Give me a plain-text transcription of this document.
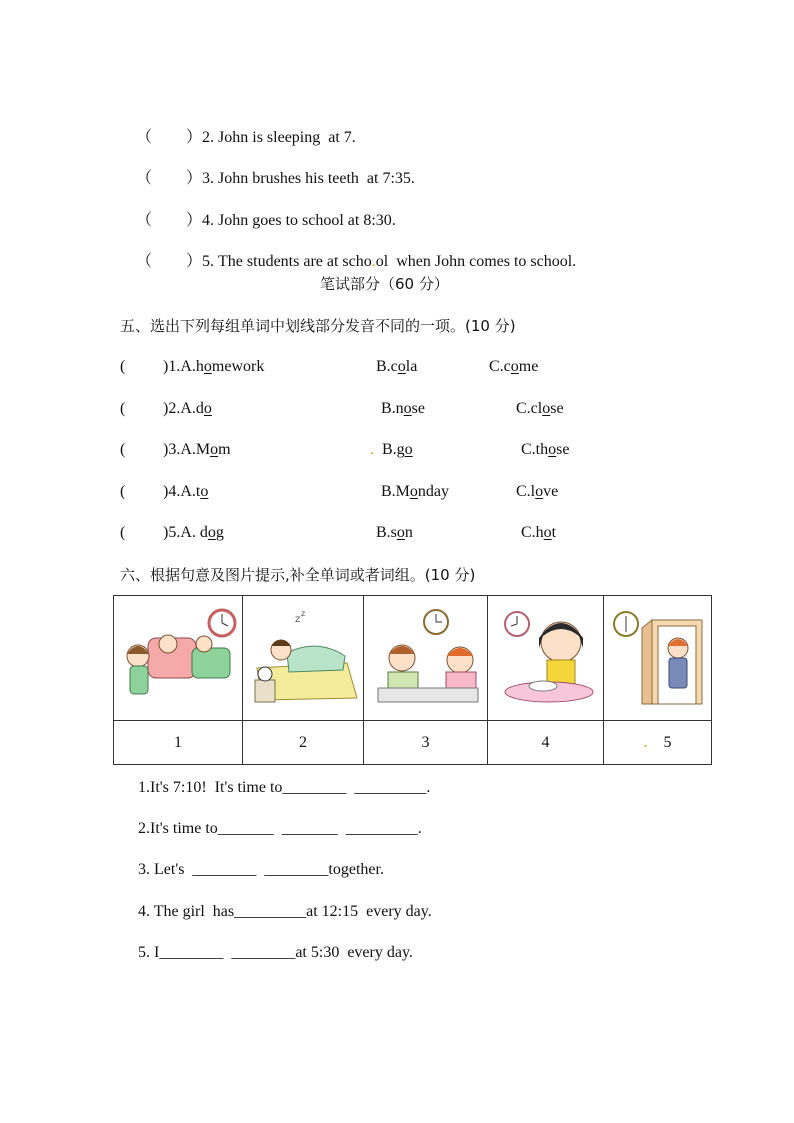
（ ）2. John is sleeping  at 7.

（ ）3. John brushes his teeth  at 7:35.

（ ）4. John goes to school at 8:30.

（ ）5. The students are at scho.ol  when John comes to school.

笔试部分（60 分）
五、选出下列每组单词中划线部分发音不同的一项。(10 分)
( )1.A.homework	B.cola	C.come
( )2.A.do	B.nose	C.close
( )3.A.Mom	. B.go	C.those
( )4.A.to	B.Monday	C.love
( )5.A. dog	B.son	C.hot
六、根据句意及图片提示,补全单词或者词组。(10 分)

z
z

1	2	3	4	.    5
1.It's 7:10!  It's time to________  _________.
2.It's time to_______  _______  _________.
3. Let's  ________  ________together.
4. The girl  has_________at 12:15  every day.
5. I________  ________at 5:30  every day.
